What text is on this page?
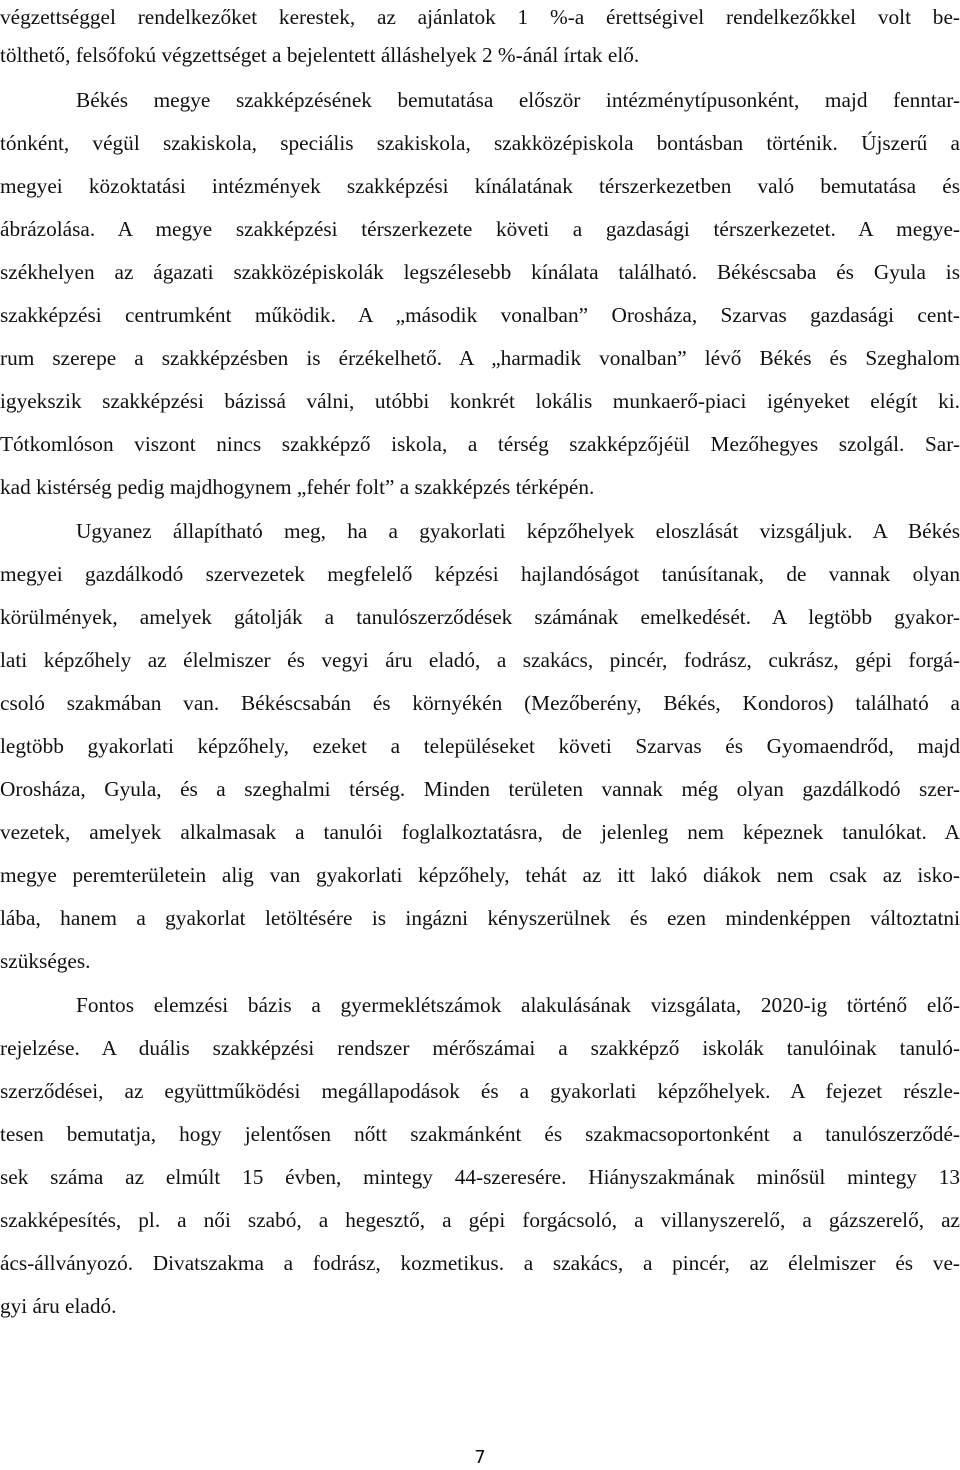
végzettséggel rendelkezőket kerestek, az ajánlatok 1 %-a érettségivel rendelkezőkkel volt be-
tölthető, felsőfokú végzettséget a bejelentett álláshelyek 2 %-ánál írtak elő.
Békés megye szakképzésének bemutatása először intézménytípusonként, majd fenntar-
tónként, végül szakiskola, speciális szakiskola, szakközépiskola bontásban történik. Újszerű a
megyei közoktatási intézmények szakképzési kínálatának térszerkezetben való bemutatása és
ábrázolása. A megye szakképzési térszerkezete követi a gazdasági térszerkezetet. A megye-
székhelyen az ágazati szakközépiskolák legszélesebb kínálata található. Békéscsaba és Gyula is
szakképzési centrumként működik. A „második vonalban” Orosháza, Szarvas gazdasági cent-
rum szerepe a szakképzésben is érzékelhető. A „harmadik vonalban” lévő Békés és Szeghalom
igyekszik szakképzési bázissá válni, utóbbi konkrét lokális munkaerő-piaci igényeket elégít ki.
Tótkomlóson viszont nincs szakképző iskola, a térség szakképzőjéül Mezőhegyes szolgál. Sar-
kad kistérség pedig majdhogynem „fehér folt” a szakképzés térképén.
Ugyanez állapítható meg, ha a gyakorlati képzőhelyek eloszlását vizsgáljuk. A Békés
megyei gazdálkodó szervezetek megfelelő képzési hajlandóságot tanúsítanak, de vannak olyan
körülmények, amelyek gátolják a tanulószerződések számának emelkedését. A legtöbb gyakor-
lati képzőhely az élelmiszer és vegyi áru eladó, a szakács, pincér, fodrász, cukrász, gépi forgá-
csoló szakmában van. Békéscsabán és környékén (Mezőberény, Békés, Kondoros) található a
legtöbb gyakorlati képzőhely, ezeket a településeket követi Szarvas és Gyomaendrőd, majd
Orosháza, Gyula, és a szeghalmi térség. Minden területen vannak még olyan gazdálkodó szer-
vezetek, amelyek alkalmasak a tanulói foglalkoztatásra, de jelenleg nem képeznek tanulókat. A
megye peremterületein alig van gyakorlati képzőhely, tehát az itt lakó diákok nem csak az isko-
lába, hanem a gyakorlat letöltésére is ingázni kényszerülnek és ezen mindenképpen változtatni
szükséges.
Fontos elemzési bázis a gyermeklétszámok alakulásának vizsgálata, 2020-ig történő elő-
rejelzése. A duális szakképzési rendszer mérőszámai a szakképző iskolák tanulóinak tanuló-
szerződései, az együttműködési megállapodások és a gyakorlati képzőhelyek. A fejezet részle-
tesen bemutatja, hogy jelentősen nőtt szakmánként és szakmacsoportonként a tanulószerződé-
sek száma az elmúlt 15 évben, mintegy 44-szeresére. Hiányszakmának minősül mintegy 13
szakképesítés, pl. a női szabó, a hegesztő, a gépi forgácsoló, a villanyszerelő, a gázszerelő, az
ács-állványozó. Divatszakma a fodrász, kozmetikus. a szakács, a pincér, az élelmiszer és ve-
gyi áru eladó.
7
